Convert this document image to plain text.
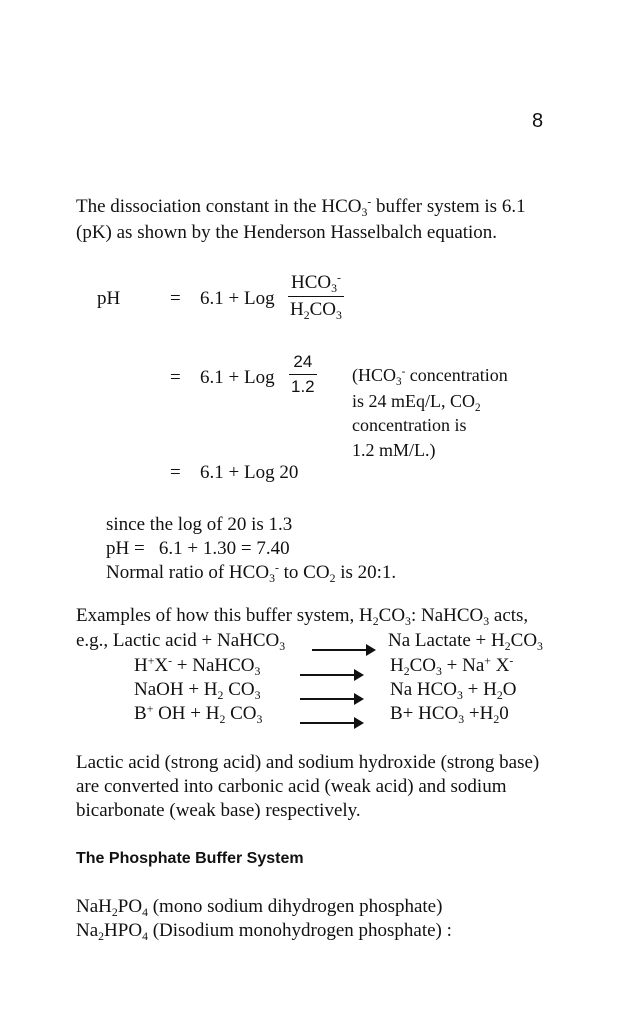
8
The dissociation constant in the $HCO_3^-$ buffer system is 6.1
(pK) as shown by the Henderson Hasselbalch equation.
pH	= 6.1 + Log $\frac{HCO_3^-}{H_2CO_3}$
= 6.1 + Log $\frac{24}{1.2} (HCO_3^-$ concentration
is 24 mEq/L, $CO_2$
concentration is
1.2 mM/L.)
= 6.1 + Log 20
since the log of 20 is 1.3
pH =   6.1 + 1.30 = 7.40
Normal ratio of $HCO_3^-$ to $CO_2$ is 20:1.
Examples of how this buffer system, $H_2CO_3$: NaHCO$_3$ acts,
e.g., Lactic acid + NaHCO$_3$ → Na Lactate + $H_2CO_3$
H+X- + NaHCO$_3$	$H_2CO_3 + Na^+$ X-
NaOH + $H_2$ $CO_3$	Na $HCO_3 + H_2O$
B+ OH + $H_2$ $CO_3$	$B+ HCO_3 +H_20$
Lactic acid (strong acid) and sodium hydroxide (strong base)
are converted into carbonic acid (weak acid) and sodium
bicarbonate (weak base) respectively.
The Phosphate Buffer System
$NaH_2PO_4$ (mono sodium dihydrogen phosphate)
$Na_2HPO_4$ (Disodium monohydrogen phosphate) :
